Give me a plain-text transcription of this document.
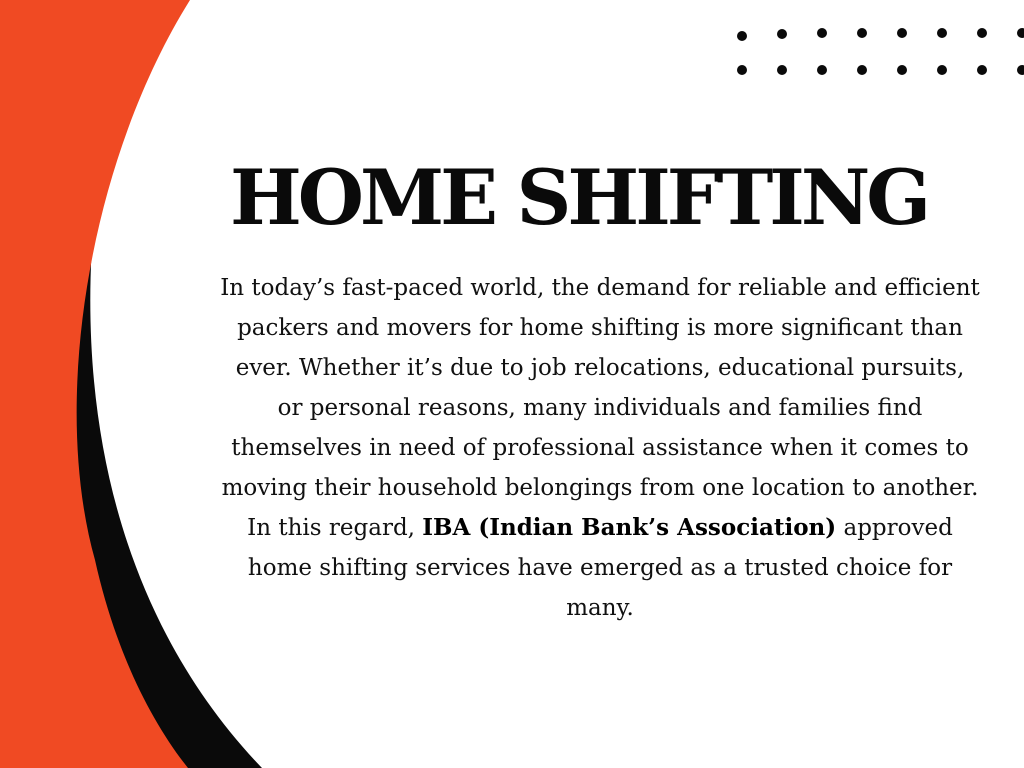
HOME SHIFTING

In today’s fast-paced world, the demand for reliable and efficient packers and movers for home shifting is more significant than ever. Whether it’s due to job relocations, educational pursuits, or personal reasons, many individuals and families find themselves in need of professional assistance when it comes to moving their household belongings from one location to another. In this regard, IBA (Indian Bank’s Association) approved home shifting services have emerged as a trusted choice for many.
